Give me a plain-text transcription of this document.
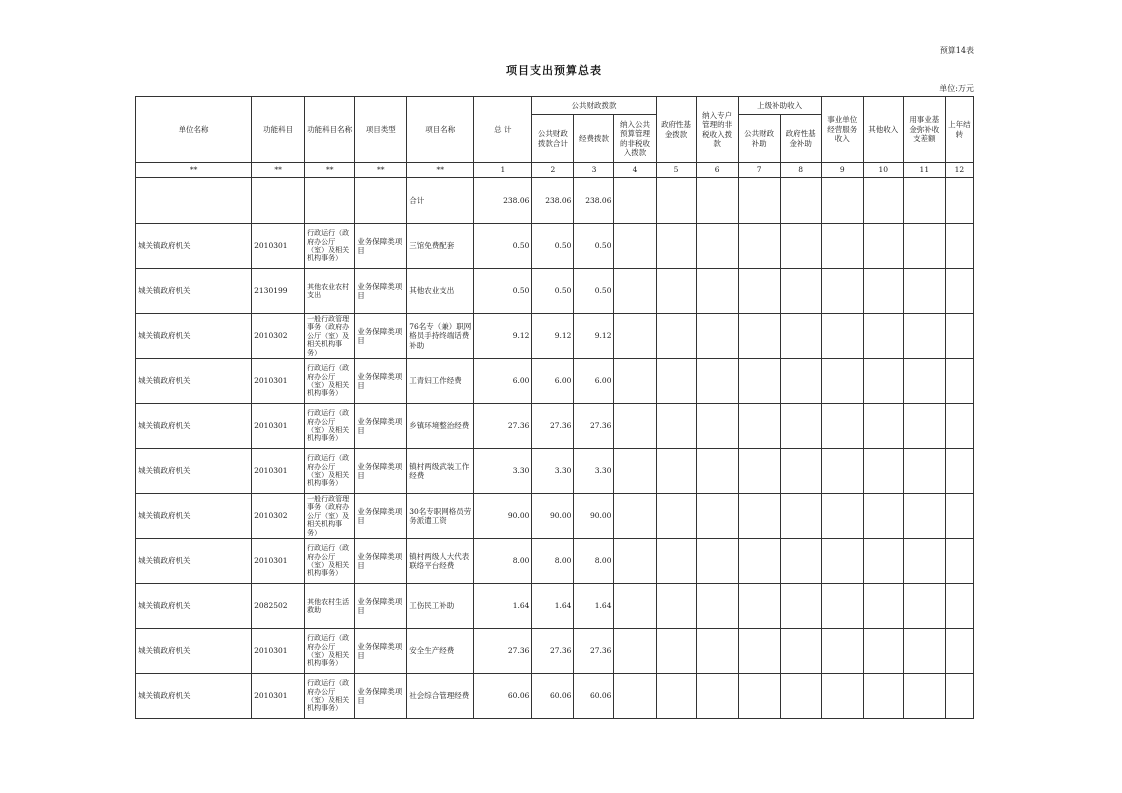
预算14表
项目支出预算总表
单位:万元
单位名称	功能科目	功能科目名称	项目类型	项目名称	总 计	公共财政拨款			政府性基金拨款	纳入专户管理的非税收入拨款	上级补助收入		事业单位经营服务收入	其他收入	用事业基金弥补收支差额	上年结转
						公共财政拨款合计	经费拨款	纳入公共预算管理的非税收入拨款			公共财政补助	政府性基金补助				
**	**	**	**	**	1	2	3	4	5	6	7	8	9	10	11	12
				合计	238.06	238.06	238.06									
城关镇政府机关	2010301	行政运行（政府办公厅（室）及相关机构事务）	业务保障类项目	三馆免费配套	0.50	0.50	0.50									
城关镇政府机关	2130199	其他农业农村支出	业务保障类项目	其他农业支出	0.50	0.50	0.50									
城关镇政府机关	2010302	一般行政管理事务（政府办公厅（室）及相关机构事务）	业务保障类项目	76名专（兼）职网格员手持终端话费补助	9.12	9.12	9.12									
城关镇政府机关	2010301	行政运行（政府办公厅（室）及相关机构事务）	业务保障类项目	工青妇工作经费	6.00	6.00	6.00									
城关镇政府机关	2010301	行政运行（政府办公厅（室）及相关机构事务）	业务保障类项目	乡镇环境整治经费	27.36	27.36	27.36									
城关镇政府机关	2010301	行政运行（政府办公厅（室）及相关机构事务）	业务保障类项目	镇村两级武装工作经费	3.30	3.30	3.30									
城关镇政府机关	2010302	一般行政管理事务（政府办公厅（室）及相关机构事务）	业务保障类项目	30名专职网格员劳务派遣工资	90.00	90.00	90.00									
城关镇政府机关	2010301	行政运行（政府办公厅（室）及相关机构事务）	业务保障类项目	镇村两级人大代表联络平台经费	8.00	8.00	8.00									
城关镇政府机关	2082502	其他农村生活救助	业务保障类项目	工伤民工补助	1.64	1.64	1.64									
城关镇政府机关	2010301	行政运行（政府办公厅（室）及相关机构事务）	业务保障类项目	安全生产经费	27.36	27.36	27.36									
城关镇政府机关	2010301	行政运行（政府办公厅（室）及相关机构事务）	业务保障类项目	社会综合管理经费	60.06	60.06	60.06									
